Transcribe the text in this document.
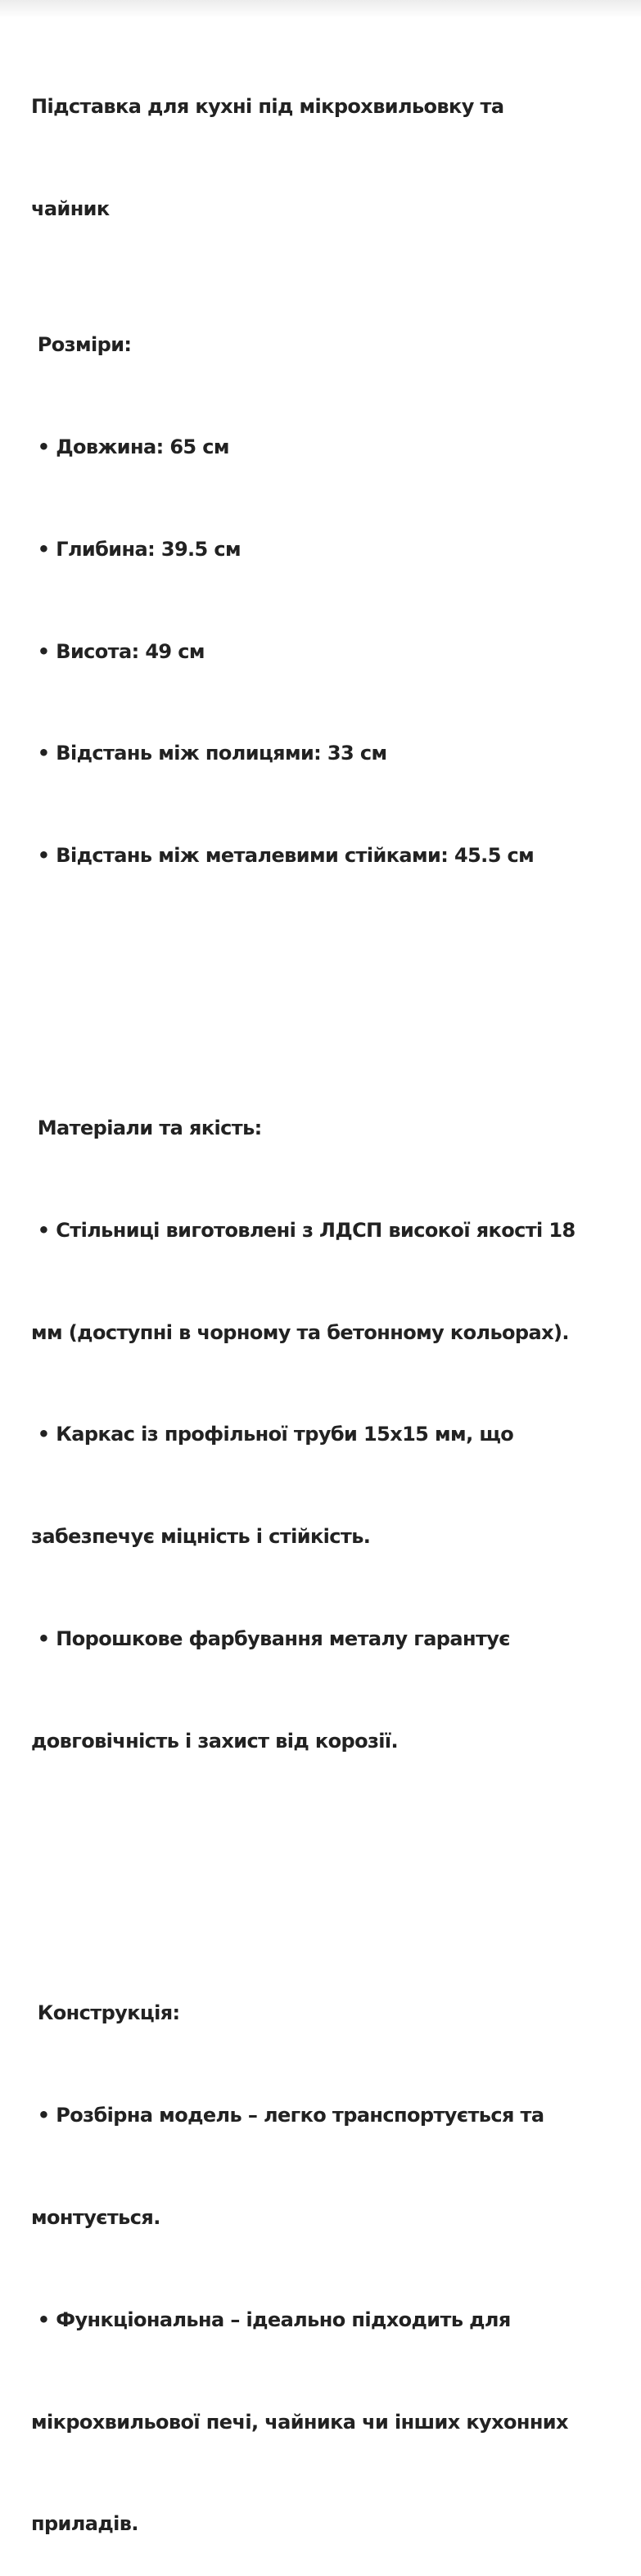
Підставка для кухні під мікрохвильовку та

чайник

Розміри:

• Довжина: 65 см

• Глибина: 39.5 см

• Висота: 49 см

• Відстань між полицями: 33 см

• Відстань між металевими стійками: 45.5 см

Матеріали та якість:

• Стільниці виготовлені з ЛДСП високої якості 18

мм (доступні в чорному та бетонному кольорах).

• Каркас із профільної труби 15x15 мм, що

забезпечує міцність і стійкість.

• Порошкове фарбування металу гарантує

довговічність і захист від корозії.

Конструкція:

• Розбірна модель – легко транспортується та

монтується.

• Функціональна – ідеально підходить для

мікрохвильової печі, чайника чи інших кухонних

приладів.
